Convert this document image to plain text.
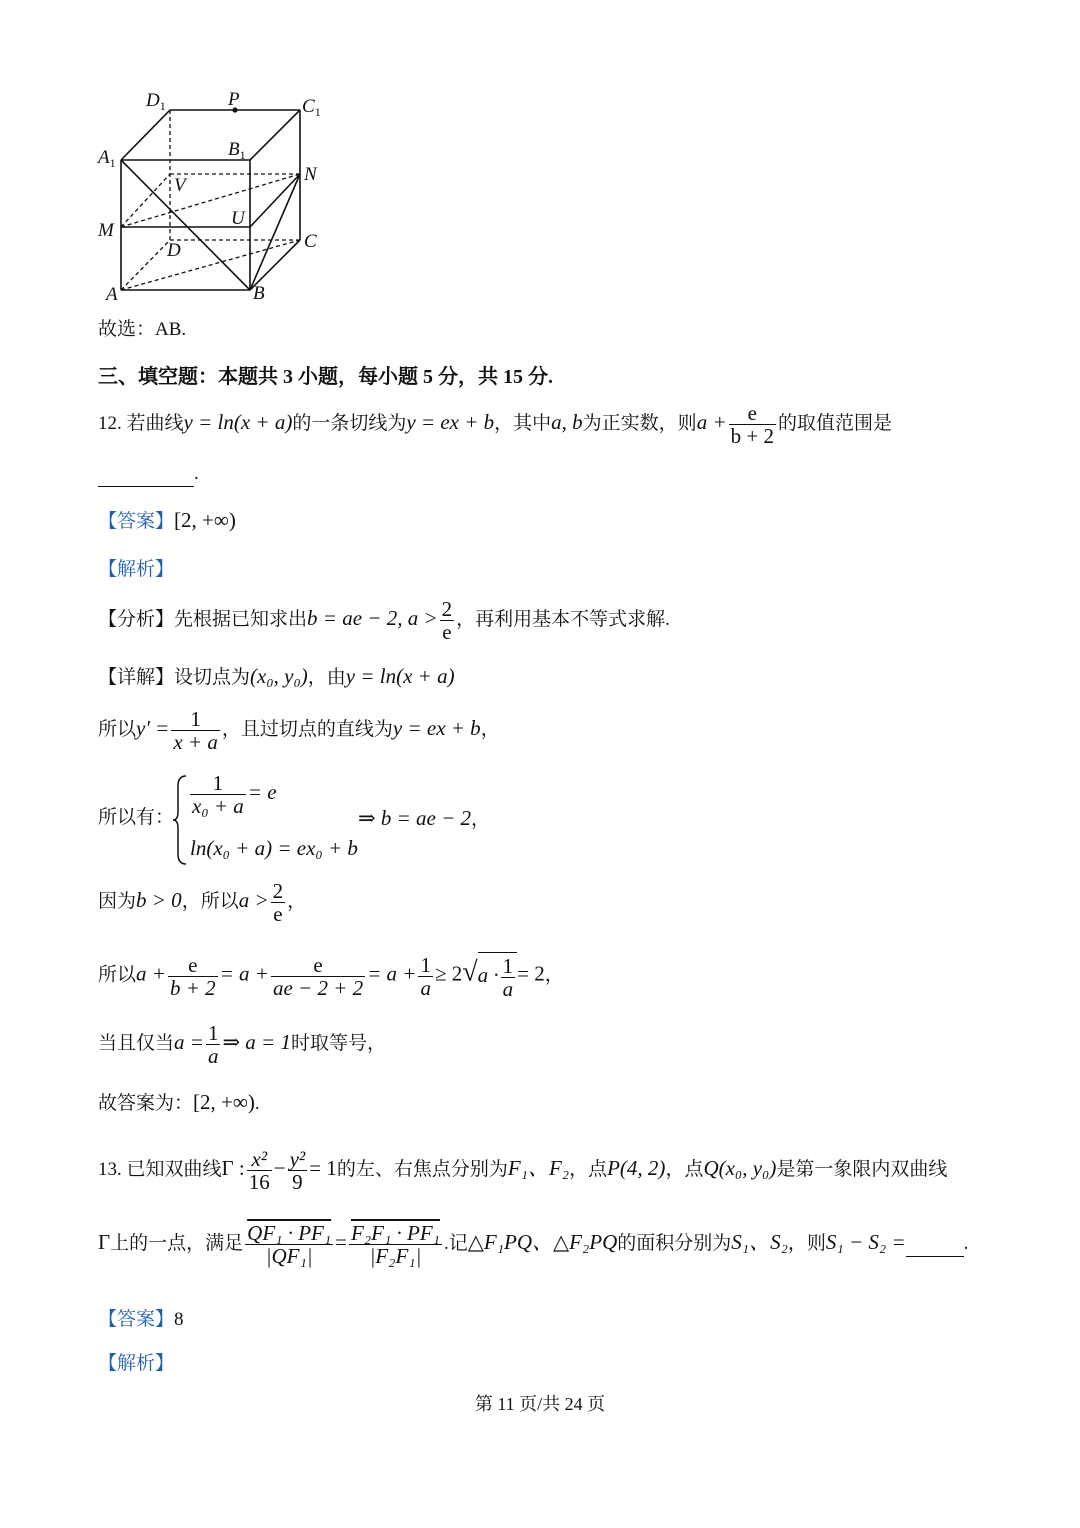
$D_1$	P	$C_1$
$A_1$
$B_1$
V
N
M
U
D	C
A	B
故选：AB.
三、填空题：本题共 3 小题，每小题 5 分，共 15 分.
12. 若曲线y = ln(x + a)的一条切线为y = ex + b，其中a, b为正实数，则$a + \frac{e}{b + 2}$ 的取值范围是
.
【答案】[2, +∞)
【解析】
【分析】先根据已知求出b = ae − 2, $a > \frac{2}{e}$ ，再利用基本不等式求解.
【详解】设切点为(x₀, y₀)，由y = ln(x + a)
所以$y' = \frac{1}{x + a}$ ，且过切点的直线为y = ex + b，
所以有：
$\frac{1}{\text{x₀ + a}} = e$
ln(x₀ + a) = ex₀ + b
⇒ b = ae − 2，
因为b > 0，所以$a > \frac{2}{e}$ ，
所以$a + \frac{e}{b + 2} = a + \frac{e}{ae - 2 + 2} = a + \frac{1}{a} \ge 2√a \cdot \frac{1}{a} = 2$，
当且仅当$a = \frac{1}{a}$ ⇒ a = 1时取等号，
故答案为：[2, +∞).
13. 已知双曲线Γ : $\frac{\text{x²}}{16} - \frac{\text{y²}}{9} = 1$的左、右焦点分别为F₁、F₂，点P(4, 2)，点Q(x₀, y₀)是第一象限内双曲线
Γ上的一点，满足 $\frac{\text{QF₁ · PF₁}}{\text{|QF₁|}} = \frac{\text{F₂F₁ · PF₁}}{\text{|F₂F₁|}}$ .记△F₁PQ、△F₂PQ的面积分别为S₁、S₂，则S₁ − S₂ =	.
【答案】8
【解析】
第 11 页/共 24 页
